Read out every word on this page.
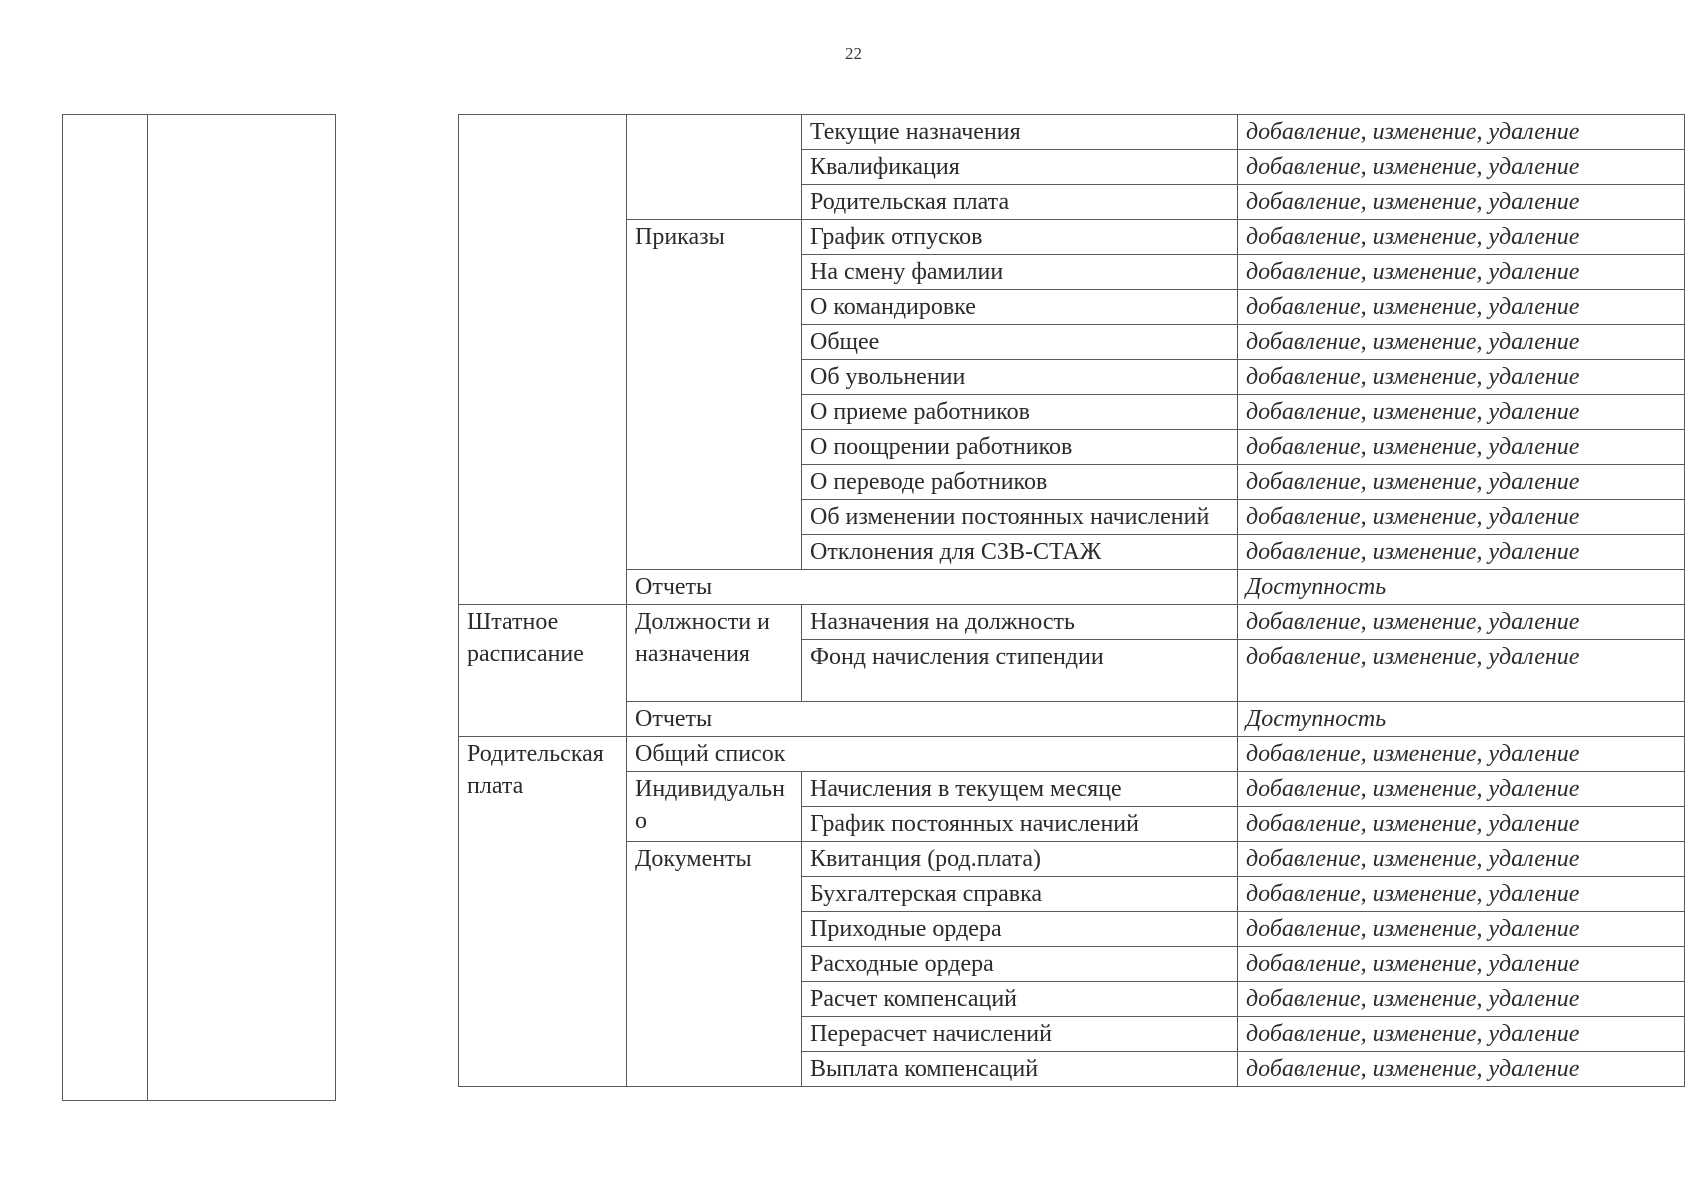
22

		Текущие назначения	добавление, изменение, удаление
		Квалификация	добавление, изменение, удаление
		Родительская плата	добавление, изменение, удаление
	Приказы	График отпусков	добавление, изменение, удаление
		На смену фамилии	добавление, изменение, удаление
		О командировке	добавление, изменение, удаление
		Общее	добавление, изменение, удаление
		Об увольнении	добавление, изменение, удаление
		О приеме работников	добавление, изменение, удаление
		О поощрении работников	добавление, изменение, удаление
		О переводе работников	добавление, изменение, удаление
		Об изменении постоянных начислений	добавление, изменение, удаление
		Отклонения для СЗВ-СТАЖ	добавление, изменение, удаление
	Отчеты		Доступность
Штатное расписание	Должности и назначения	Назначения на должность	добавление, изменение, удаление
		Фонд начисления стипендии	добавление, изменение, удаление
	Отчеты		Доступность
Родительская плата	Общий список		добавление, изменение, удаление
	Индивидуально	Начисления в текущем месяце	добавление, изменение, удаление
		График постоянных начислений	добавление, изменение, удаление
	Документы	Квитанция (род.плата)	добавление, изменение, удаление
		Бухгалтерская справка	добавление, изменение, удаление
		Приходные ордера	добавление, изменение, удаление
		Расходные ордера	добавление, изменение, удаление
		Расчет компенсаций	добавление, изменение, удаление
		Перерасчет начислений	добавление, изменение, удаление
		Выплата компенсаций	добавление, изменение, удаление
